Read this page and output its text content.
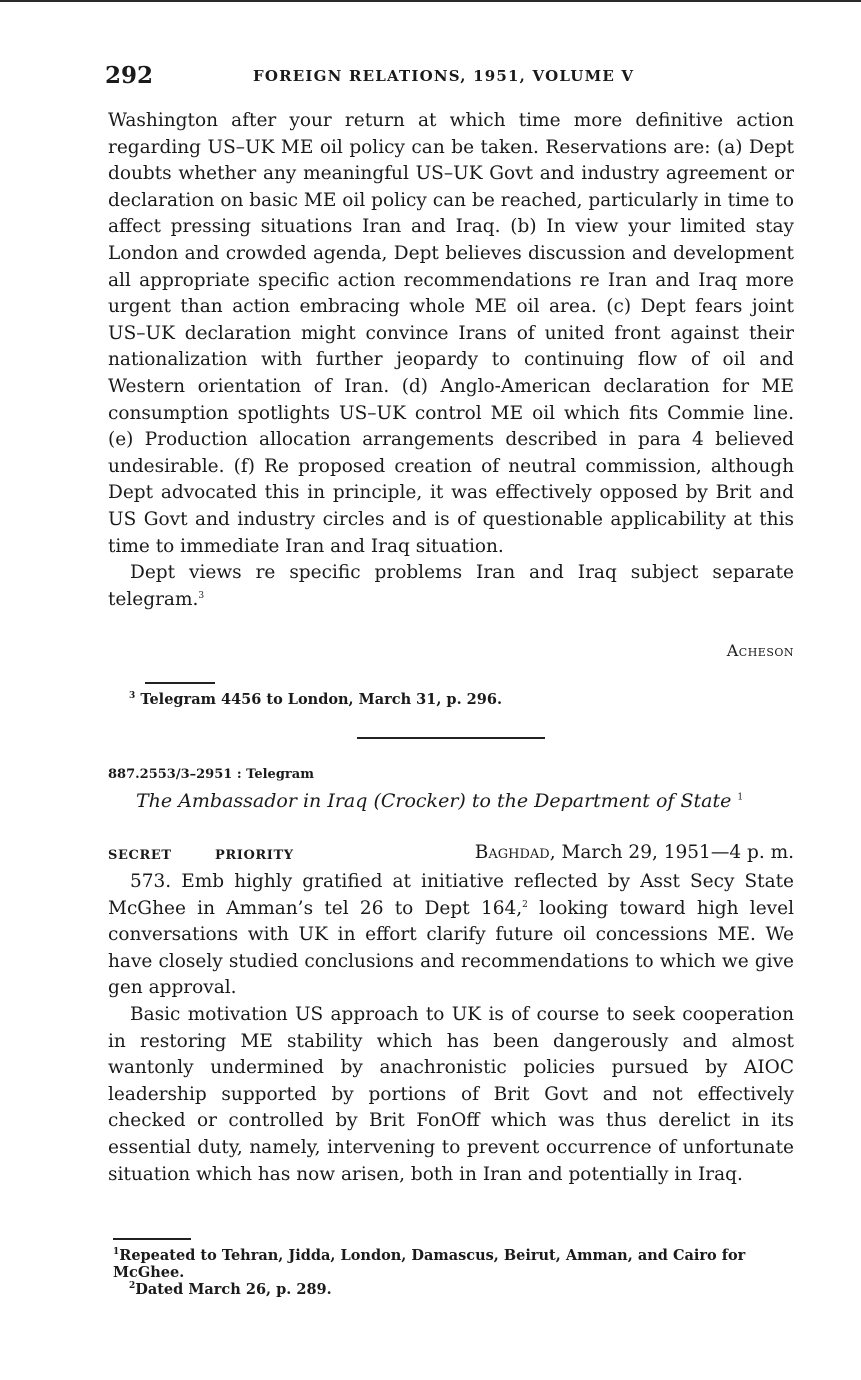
292	FOREIGN RELATIONS, 1951, VOLUME V

Washington after your return at which time more definitive action regarding US–UK ME oil policy can be taken. Reservations are: (a) Dept doubts whether any meaningful US–UK Govt and industry agreement or declaration on basic ME oil policy can be reached, particularly in time to affect pressing situations Iran and Iraq. (b) In view your limited stay London and crowded agenda, Dept believes discussion and development all appropriate specific action recommendations re Iran and Iraq more urgent than action embracing whole ME oil area. (c) Dept fears joint US–UK declaration might convince Irans of united front against their nationalization with further jeopardy to continuing flow of oil and Western orientation of Iran. (d) Anglo-American declaration for ME consumption spotlights US–UK control ME oil which fits Commie line. (e) Production allocation arrangements described in para 4 believed undesirable. (f) Re proposed creation of neutral commission, although Dept advocated this in principle, it was effectively opposed by Brit and US Govt and industry circles and is of questionable applicability at this time to immediate Iran and Iraq situation.

Dept views re specific problems Iran and Iraq subject separate telegram.$^3$

Acheson
$^3$ Telegram 4456 to London, March 31, p. 296.
887.2553/3–2951 : Telegram
The Ambassador in Iraq (Crocker) to the Department of State $^1$
SECRET	PRIORITY	Baghdad, March 29, 1951—4 p. m.

573. Emb highly gratified at initiative reflected by Asst Secy State McGhee in Amman’s tel 26 to Dept 164,$^2$ looking toward high level conversations with UK in effort clarify future oil concessions ME. We have closely studied conclusions and recommendations to which we give gen approval.

Basic motivation US approach to UK is of course to seek cooperation in restoring ME stability which has been dangerously and almost wantonly undermined by anachronistic policies pursued by AIOC leadership supported by portions of Brit Govt and not effectively checked or controlled by Brit FonOff which was thus derelict in its essential duty, namely, intervening to prevent occurrence of unfortunate situation which has now arisen, both in Iran and potentially in Iraq.

$^1$Repeated to Tehran, Jidda, London, Damascus, Beirut, Amman, and Cairo for McGhee.
$^2$Dated March 26, p. 289.
